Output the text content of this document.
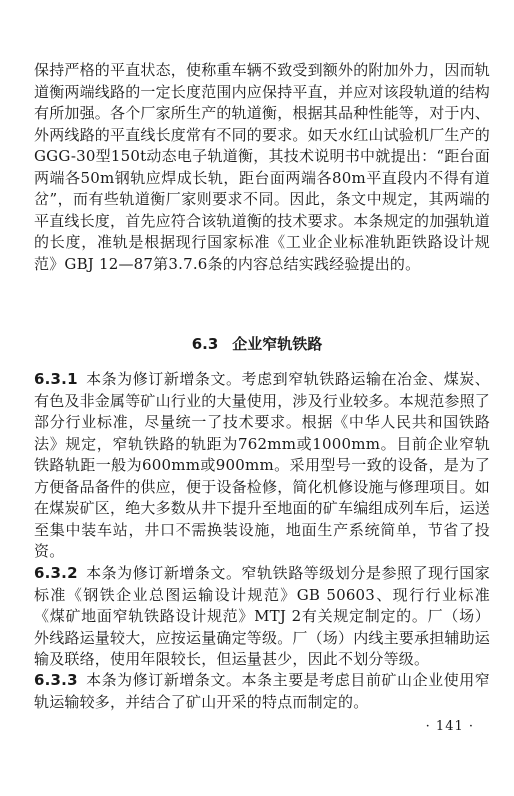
保持严格的平直状态，使称重车辆不致受到额外的附加外力，因而轨道衡两端线路的一定长度范围内应保持平直，并应对该段轨道的结构有所加强。各个厂家所生产的轨道衡，根据其品种性能等，对于内、外两线路的平直线长度常有不同的要求。如天水红山试验机厂生产的GGG-30型150t动态电子轨道衡，其技术说明书中就提出：“距台面两端各50m钢轨应焊成长轨，距台面两端各80m平直段内不得有道岔”，而有些轨道衡厂家则要求不同。因此，条文中规定，其两端的平直线长度，首先应符合该轨道衡的技术要求。本条规定的加强轨道的长度，准轨是根据现行国家标准《工业企业标准轨距铁路设计规范》GBJ 12—87第3.7.6条的内容总结实践经验提出的。

6.3 企业窄轨铁路

6.3.1 本条为修订新增条文。考虑到窄轨铁路运输在冶金、煤炭、有色及非金属等矿山行业的大量使用，涉及行业较多。本规范参照了部分行业标准，尽量统一了技术要求。根据《中华人民共和国铁路法》规定，窄轨铁路的轨距为762mm或1000mm。目前企业窄轨铁路轨距一般为600mm或900mm。采用型号一致的设备，是为了方便备品备件的供应，便于设备检修，简化机修设施与修理项目。如在煤炭矿区，绝大多数从井下提升至地面的矿车编组成列车后，运送至集中装车站，井口不需换装设施，地面生产系统简单，节省了投资。

6.3.2 本条为修订新增条文。窄轨铁路等级划分是参照了现行国家标准《钢铁企业总图运输设计规范》GB 50603、现行行业标准《煤矿地面窄轨铁路设计规范》MTJ 2有关规定制定的。厂（场）外线路运量较大，应按运量确定等级。厂（场）内线主要承担辅助运输及联络，使用年限较长，但运量甚少，因此不划分等级。

6.3.3 本条为修订新增条文。本条主要是考虑目前矿山企业使用窄轨运输较多，并结合了矿山开采的特点而制定的。

· 141 ·
